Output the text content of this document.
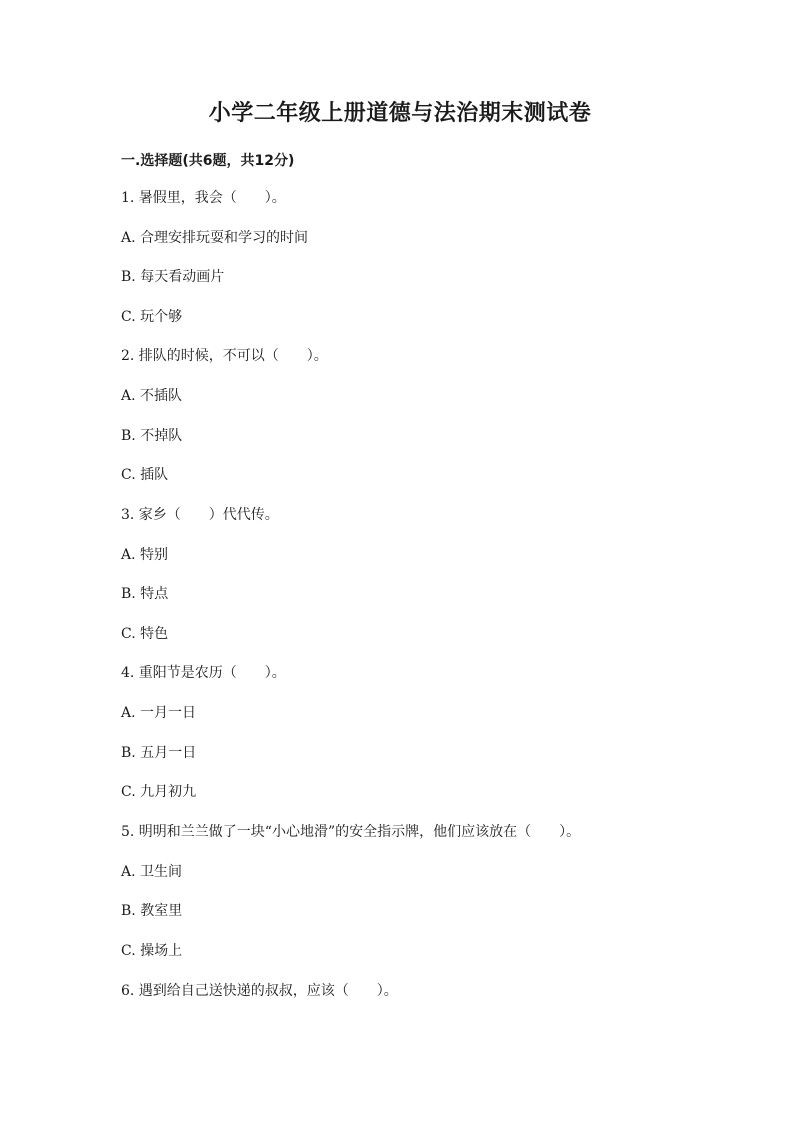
小学二年级上册道德与法治期末测试卷
一.选择题(共6题，共12分)
1. 暑假里，我会（　　）。
A. 合理安排玩耍和学习的时间
B. 每天看动画片
C. 玩个够
2. 排队的时候，不可以（　　）。
A. 不插队
B. 不掉队
C. 插队
3. 家乡（　　）代代传。
A. 特别
B. 特点
C. 特色
4. 重阳节是农历（　　）。
A. 一月一日
B. 五月一日
C. 九月初九
5. 明明和兰兰做了一块“小心地滑”的安全指示牌，他们应该放在（　　）。
A. 卫生间
B. 教室里
C. 操场上
6. 遇到给自己送快递的叔叔，应该（　　）。
